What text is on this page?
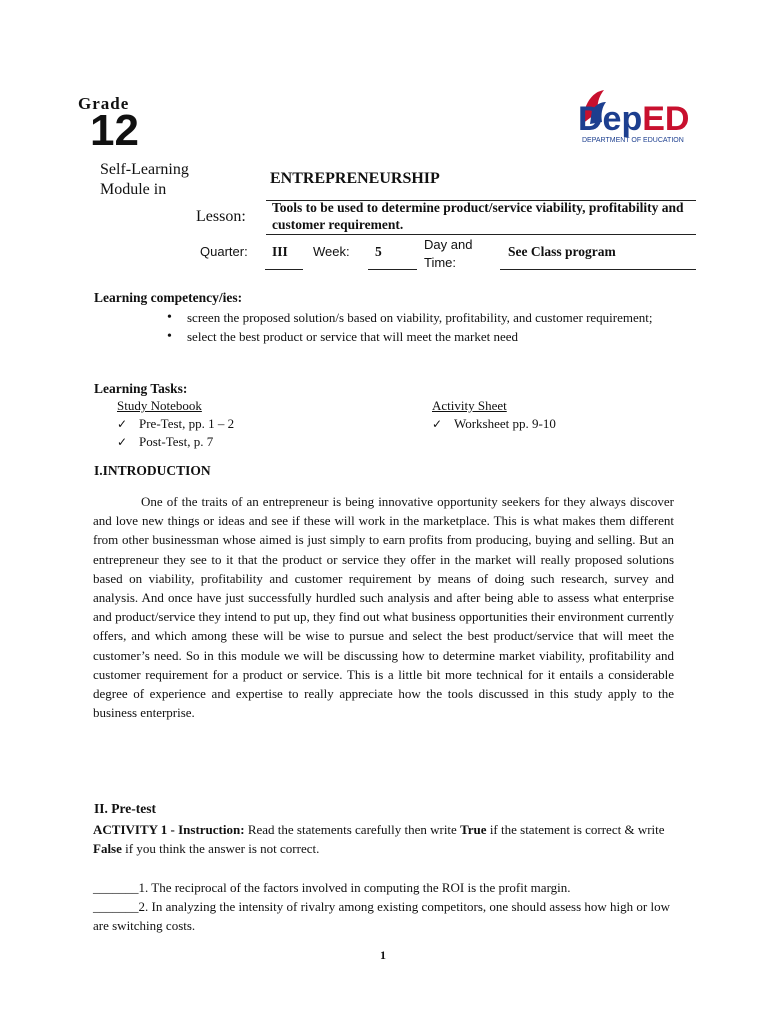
Grade
12
Self-Learning Module in
ENTREPRENEURSHIP
Lesson:
Tools to be used to determine product/service viability, profitability and customer requirement.
Quarter: III Week: 5	Day and Time:
See Class program
DepED
DEPARTMENT OF EDUCATION
Learning competency/ies:
• screen the proposed solution/s based on viability, profitability, and customer requirement;
• select the best product or service that will meet the market need
Learning Tasks:
Study Notebook
✓ Pre-Test, pp. 1 – 2
✓ Post-Test, p. 7
Activity Sheet
✓ Worksheet pp. 9-10
I.INTRODUCTION
One of the traits of an entrepreneur is being innovative opportunity seekers for they always discover and love new things or ideas and see if these will work in the marketplace. This is what makes them different from other businessman whose aimed is just simply to earn profits from producing, buying and selling. But an entrepreneur they see to it that the product or service they offer in the market will really proposed solutions based on viability, profitability and customer requirement by means of doing such research, survey and analysis. And once have just successfully hurdled such analysis and after being able to assess what enterprise and product/service they intend to put up, they find out what business opportunities their environment currently offers, and which among these will be wise to pursue and select the best product/service that will meet the customer’s need. So in this module we will be discussing how to determine market viability, profitability and customer requirement for a product or service. This is a little bit more technical for it entails a considerable degree of experience and expertise to really appreciate how the tools discussed in this study apply to the business enterprise.
II. Pre-test
ACTIVITY 1 - Instruction: Read the statements carefully then write True if the statement is correct & write False if you think the answer is not correct.
_______1. The reciprocal of the factors involved in computing the ROI is the profit margin.
_______2. In analyzing the intensity of rivalry among existing competitors, one should assess how high or low are switching costs.
1
